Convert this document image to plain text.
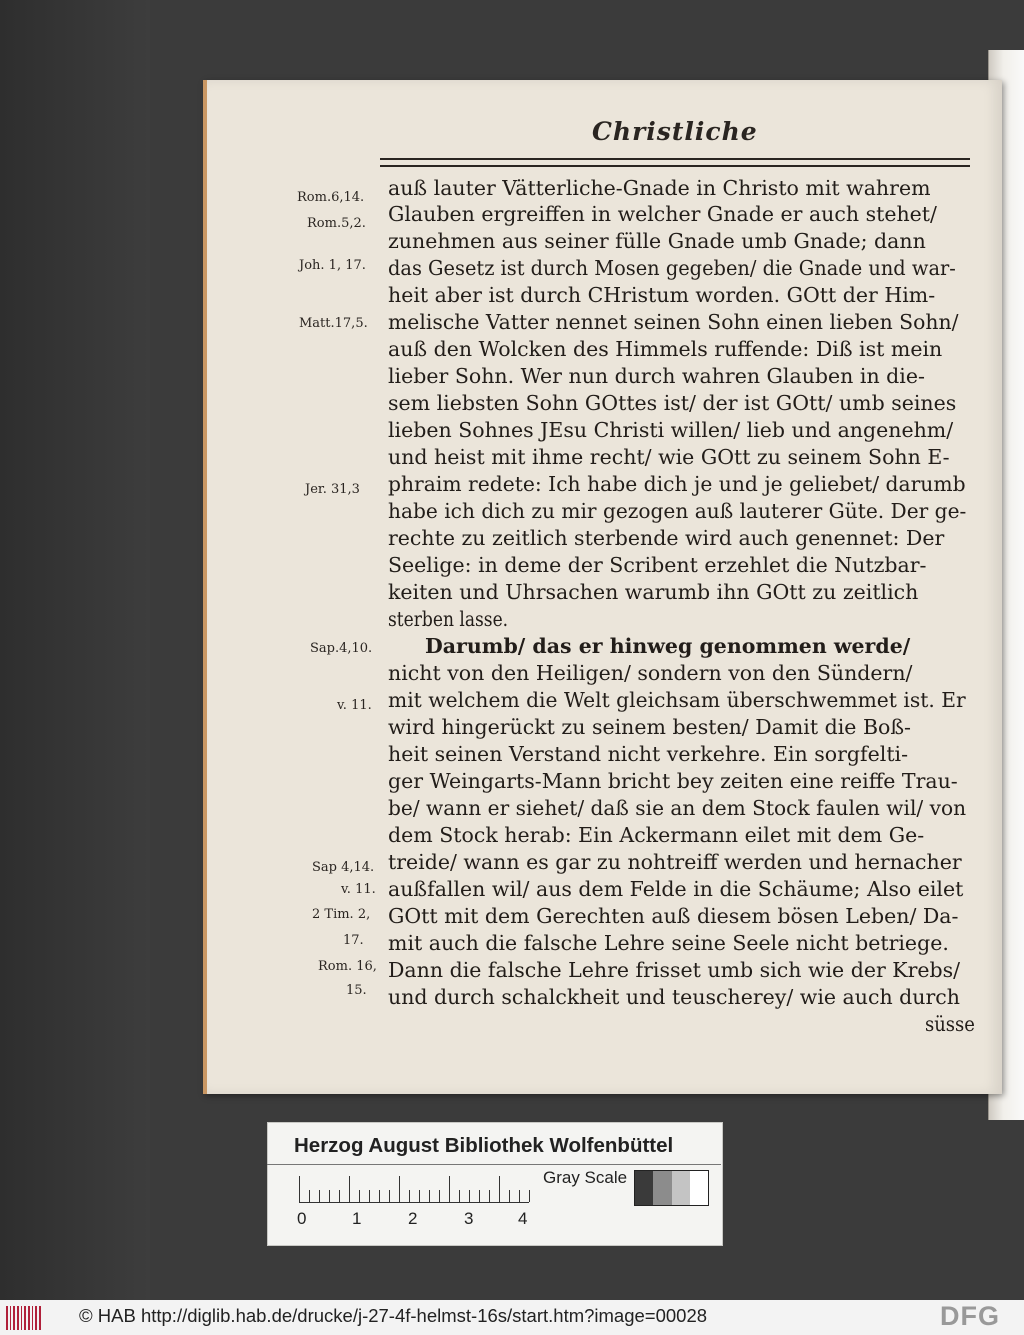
Christliche
auß lauter Vätterliche-Gnade in Christo mit wahrem
Glauben ergreiffen in welcher Gnade er auch stehet/
zunehmen aus seiner fülle Gnade umb Gnade; dann
das Gesetz ist durch Mosen gegeben/ die Gnade und war-
heit aber ist durch CHristum worden. GOtt der Him-
melische Vatter nennet seinen Sohn einen lieben Sohn/
auß den Wolcken des Himmels ruffende: Diß ist mein
lieber Sohn. Wer nun durch wahren Glauben in die-
sem liebsten Sohn GOttes ist/ der ist GOtt/ umb seines
lieben Sohnes JEsu Christi willen/ lieb und angenehm/
und heist mit ihme recht/ wie GOtt zu seinem Sohn E-
phraim redete: Ich habe dich je und je geliebet/ darumb
habe ich dich zu mir gezogen auß lauterer Güte. Der ge-
rechte zu zeitlich sterbende wird auch genennet: Der
Seelige: in deme der Scribent erzehlet die Nutzbar-
keiten und Uhrsachen warumb ihn GOtt zu zeitlich
sterben lasse.
Darumb/ das er hinweg genommen werde/
nicht von den Heiligen/ sondern von den Sündern/
mit welchem die Welt gleichsam überschwemmet ist. Er
wird hingerückt zu seinem besten/ Damit die Boß-
heit seinen Verstand nicht verkehre. Ein sorgfelti-
ger Weingarts-Mann bricht bey zeiten eine reiffe Trau-
be/ wann er siehet/ daß sie an dem Stock faulen wil/ von
dem Stock herab: Ein Ackermann eilet mit dem Ge-
treide/ wann es gar zu nohtreiff werden und hernacher
außfallen wil/ aus dem Felde in die Schäume; Also eilet
GOtt mit dem Gerechten auß diesem bösen Leben/ Da-
mit auch die falsche Lehre seine Seele nicht betriege.
Dann die falsche Lehre frisset umb sich wie der Krebs/
und durch schalckheit und teuscherey/ wie auch durch
süsse
Rom.6,14.
Rom.5,2.
Joh. 1, 17.
Matt.17,5.
Jer. 31,3
Sap.4,10.
v. 11.
Sap 4,14.
v. 11.
2 Tim. 2,
17.
Rom. 16,
15.
Herzog August Bibliothek Wolfenbüttel
0	1	2	3	4
Gray Scale
© HAB http://diglib.hab.de/drucke/j-27-4f-helmst-16s/start.htm?image=00028	DFG
